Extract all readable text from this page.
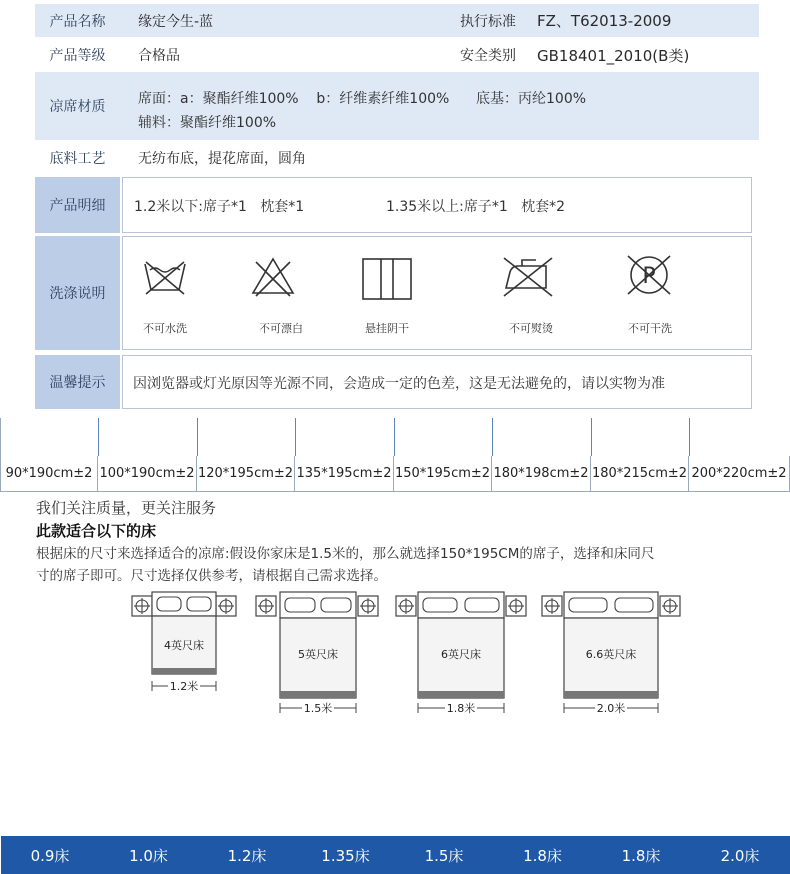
产品名称	缘定今生-蓝	执行标准 FZ、T62013-2009
产品等级	合格品	安全类别 GB18401_2010(B类)
凉席材质	席面：a：聚酯纤维100%    b：纤维素纤维100%      底基：丙纶100%
辅料：聚酯纤维100%
底料工艺	无纺布底，提花席面，圆角
产品明细	1.2米以下:席子*1   枕套*1	1.35米以上:席子*1   枕套*2
洗涤说明
不可水洗	不可漂白	悬挂阴干	不可熨烫
P
不可干洗
温馨提示	因浏览器或灯光原因等光源不同，会造成一定的色差，这是无法避免的，请以实物为准
0.9床	1.0床	1.2床	1.35床	1.5床	1.8床	1.8床	2.0床
90*190cm±2 100*190cm±2 120*195cm±2 135*195cm±2 150*195cm±2 180*198cm±2 180*215cm±2 200*220cm±2
我们关注质量，更关注服务
此款适合以下的床
根据床的尺寸来选择适合的凉席:假设你家床是1.5米的，那么就选择150*195CM的席子，选择和床同尺
寸的席子即可。尺寸选择仅供参考，请根据自己需求选择。
4英尺床
1.2米
5英尺床
1.5米
6英尺床
1.8米
6.6英尺床
2.0米
